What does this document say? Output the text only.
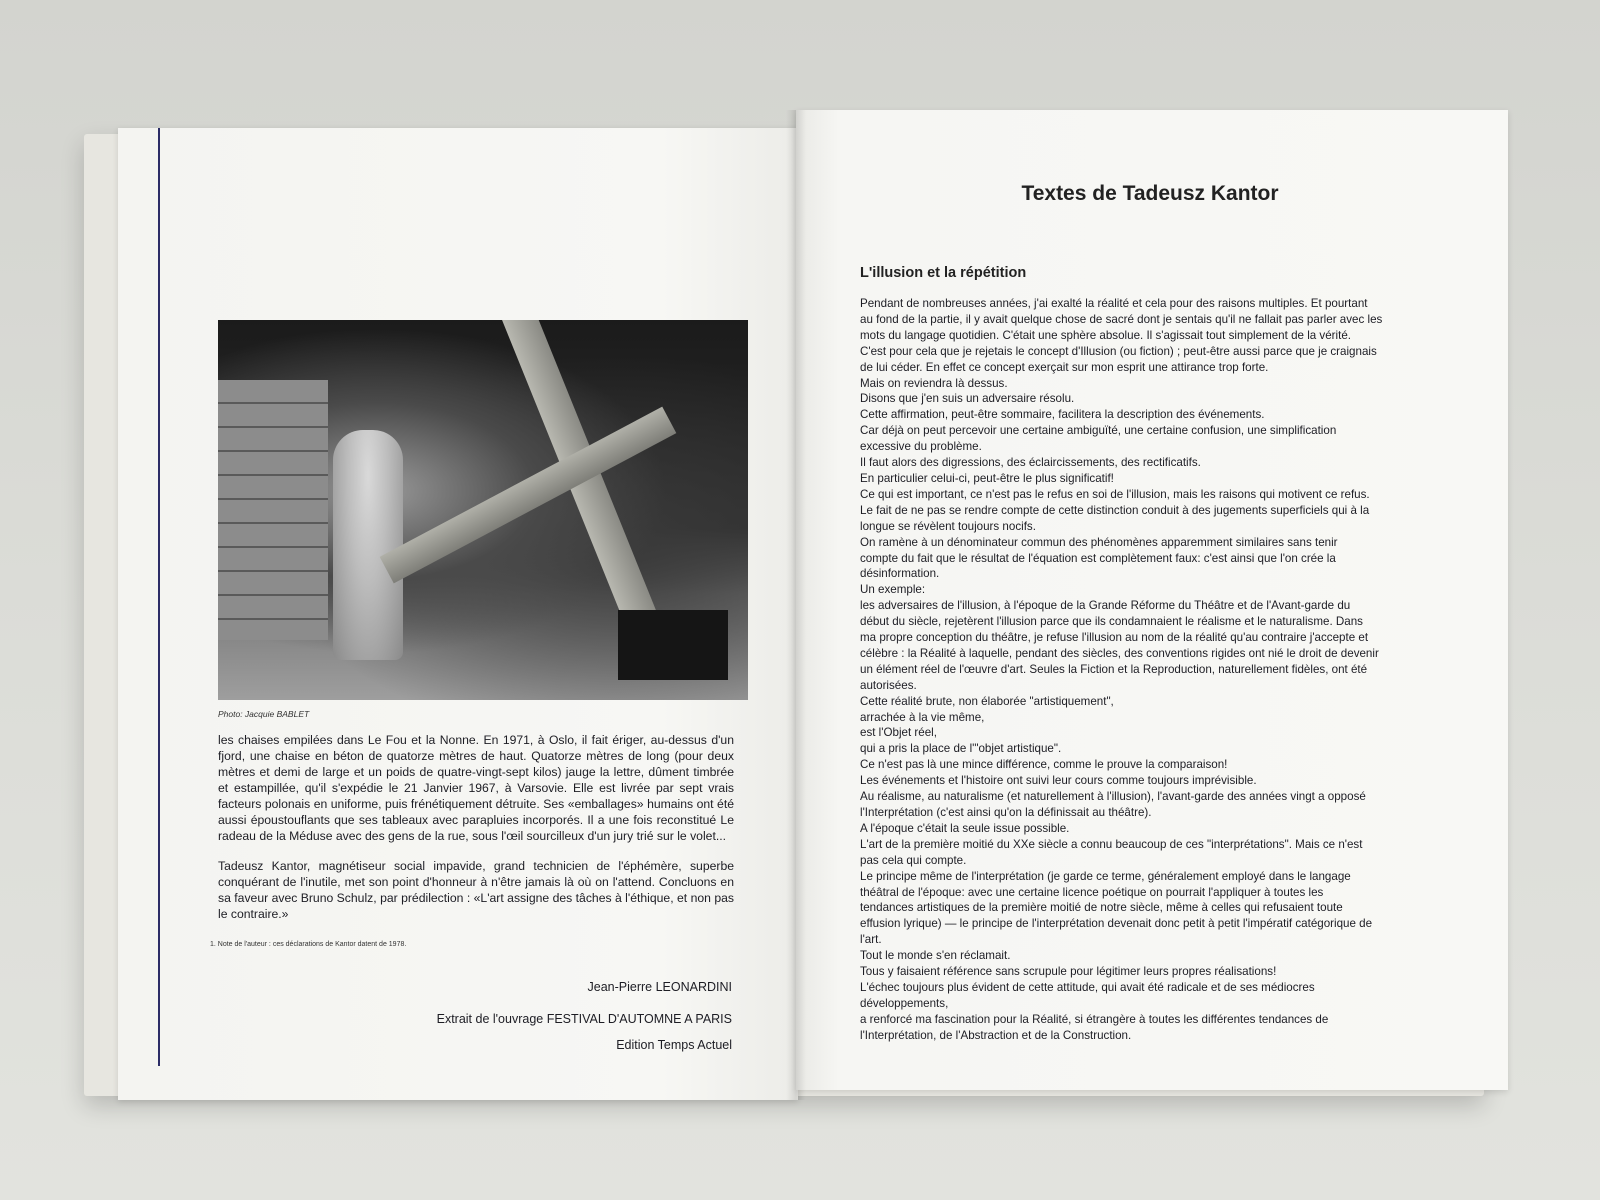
Photo: Jacquie BABLET

les chaises empilées dans Le Fou et la Nonne. En 1971, à Oslo, il fait ériger, au-dessus d'un fjord, une chaise en béton de quatorze mètres de haut. Quatorze mètres de long (pour deux mètres et demi de large et un poids de quatre-vingt-sept kilos) jauge la lettre, dûment timbrée et estampillée, qu'il s'expédie le 21 Janvier 1967, à Varsovie. Elle est livrée par sept vrais facteurs polonais en uniforme, puis frénétiquement détruite. Ses «emballages» humains ont été aussi époustouflants que ses tableaux avec parapluies incorporés. Il a une fois reconstitué Le radeau de la Méduse avec des gens de la rue, sous l'œil sourcilleux d'un jury trié sur le volet...

Tadeusz Kantor, magnétiseur social impavide, grand technicien de l'éphémère, superbe conquérant de l'inutile, met son point d'honneur à n'être jamais là où on l'attend. Concluons en sa faveur avec Bruno Schulz, par prédilection : «L'art assigne des tâches à l'éthique, et non pas le contraire.»

1. Note de l'auteur : ces déclarations de Kantor datent de 1978.
Jean-Pierre LEONARDINI
Extrait de l'ouvrage FESTIVAL D'AUTOMNE A PARIS
Edition Temps Actuel
Textes de Tadeusz Kantor
L'illusion et la répétition
Pendant de nombreuses années, j'ai exalté la réalité et cela pour des raisons multiples. Et pourtant
au fond de la partie, il y avait quelque chose de sacré dont je sentais qu'il ne fallait pas parler avec les
mots du langage quotidien. C'était une sphère absolue. Il s'agissait tout simplement de la vérité.
C'est pour cela que je rejetais le concept d'Illusion (ou fiction) ; peut-être aussi parce que je craignais
de lui céder. En effet ce concept exerçait sur mon esprit une attirance trop forte.
Mais on reviendra là dessus.
Disons que j'en suis un adversaire résolu.
Cette affirmation, peut-être sommaire, facilitera la description des événements.
Car déjà on peut percevoir une certaine ambiguïté, une certaine confusion, une simplification
excessive du problème.
Il faut alors des digressions, des éclaircissements, des rectificatifs.
En particulier celui-ci, peut-être le plus significatif!
Ce qui est important, ce n'est pas le refus en soi de l'illusion, mais les raisons qui motivent ce refus.
Le fait de ne pas se rendre compte de cette distinction conduit à des jugements superficiels qui à la
longue se révèlent toujours nocifs.
On ramène à un dénominateur commun des phénomènes apparemment similaires sans tenir
compte du fait que le résultat de l'équation est complètement faux: c'est ainsi que l'on crée la
désinformation.
Un exemple:
les adversaires de l'illusion, à l'époque de la Grande Réforme du Théâtre et de l'Avant-garde du
début du siècle, rejetèrent l'illusion parce que ils condamnaient le réalisme et le naturalisme. Dans
ma propre conception du théâtre, je refuse l'illusion au nom de la réalité qu'au contraire j'accepte et
célèbre : la Réalité à laquelle, pendant des siècles, des conventions rigides ont nié le droit de devenir
un élément réel de l'œuvre d'art. Seules la Fiction et la Reproduction, naturellement fidèles, ont été
autorisées.
Cette réalité brute, non élaborée "artistiquement",
arrachée à la vie même,
est l'Objet réel,
qui a pris la place de l'"objet artistique".
Ce n'est pas là une mince différence, comme le prouve la comparaison!
Les événements et l'histoire ont suivi leur cours comme toujours imprévisible.
Au réalisme, au naturalisme (et naturellement à l'illusion), l'avant-garde des années vingt a opposé
l'Interprétation (c'est ainsi qu'on la définissait au théâtre).
A l'époque c'était la seule issue possible.
L'art de la première moitié du XXe siècle a connu beaucoup de ces "interprétations". Mais ce n'est
pas cela qui compte.
Le principe même de l'interprétation (je garde ce terme, généralement employé dans le langage
théâtral de l'époque: avec une certaine licence poétique on pourrait l'appliquer à toutes les
tendances artistiques de la première moitié de notre siècle, même à celles qui refusaient toute
effusion lyrique) — le principe de l'interprétation devenait donc petit à petit l'impératif catégorique de
l'art.
Tout le monde s'en réclamait.
Tous y faisaient référence sans scrupule pour légitimer leurs propres réalisations!
L'échec toujours plus évident de cette attitude, qui avait été radicale et de ses médiocres
développements,
a renforcé ma fascination pour la Réalité, si étrangère à toutes les différentes tendances de
l'Interprétation, de l'Abstraction et de la Construction.
